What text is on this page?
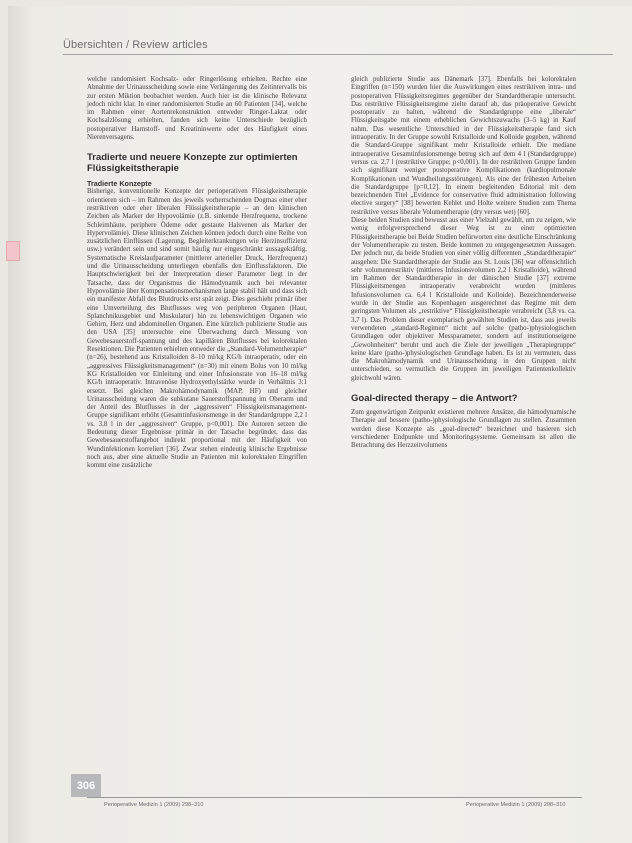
Übersichten / Review articles

welche randomisiert Kochsalz- oder Ringerlösung erhielten. Rechte eine Abnahme der Urinausscheidung sowie eine Verlängerung des Zeitintervalls bis zur ersten Miktion beobachtet werden. Auch hier ist die klinische Relevanz jedoch nicht klar. In einer randomisierten Studie an 60 Patienten [34], welche im Rahmen einer Aortenrekonstruktion entweder Ringer-Laktat oder Kochsalzlösung erhielten, fanden sich keine Unterschiede bezüglich postoperativer Harnstoff- und Kreatininwerte oder des Häufigkeit eines Nierenversagens.

Tradierte und neuere Konzepte zur optimierten Flüssigkeitstherapie
Tradierte Konzepte

Bisherige, konventionelle Konzepte der perioperativen Flüssigkeitstherapie orientieren sich – im Rahmen des jeweils vorherrschenden Dogmas einer eher restriktiven oder eher liberalen Flüssigkeitstherapie – an den klinischen Zeichen als Marker der Hypovolämie (z.B. sinkende Herzfrequenz, trockene Schleimhäute, periphere Ödeme oder gestaute Halsvenen als Marker der Hypervolämie). Diese klinischen Zeichen können jedoch durch eine Reihe von zusätzlichen Einflüssen (Lagerung, Begleiterkrankungen wie Herzinsuffizienz usw.) verändert sein und sind somit häufig nur eingeschränkt aussagekräftig. Systematische Kreislaufparameter (mittlerer arterieller Druck, Herzfrequenz) und die Urinausscheidung unterliegen ebenfalls den Einflussfaktoren. Die Hauptschwierigkeit bei der Interpretation dieser Parameter liegt in der Tatsache, dass der Organismus die Hämodynamik auch bei relevanter Hypovolämie über Kompensationsmechanismen lange stabil hält und dass sich ein manifester Abfall des Blutdrucks erst spät zeigt. Dies geschieht primär über eine Umverteilung des Blutflusses weg von peripheren Organen (Haut, Splanchnikusgebiet und Muskulatur) hin zu lebenswichtigen Organen wie Gehirn, Herz und abdominellen Organen. Eine kürzlich publizierte Studie aus den USA [35] untersuchte eine Überwachung durch Messung von Gewebesauerstoff-spannung und des kapillären Blutflusses bei kolorektalen Resektionen. Die Patienten erhielten entweder die „Standard-Volumentherapie“ (n=26), bestehend aus Kristalloiden 8–10 ml/kg KG/h intraoperativ, oder ein „aggressives Flüssigkeitsmanagement“ (n=30) mit einem Bolus von 10 ml/kg KG Kristalloiden vor Einleitung und einer Infusionsrate von 16–18 ml/kg KG/h intraoperativ. Intravenöse Hydroxyethylstärke wurde in Verhältnis 3:1 ersetzt. Bei gleichen Makrohämodynamik (MAP, HF) und gleicher Urinausscheidung waren die subkutane Sauerstoffspannung im Oberarm und der Anteil des Blutflusses in der „aggressiven“ Flüssigkeitsmanagement-Gruppe signifikant erhöht (Gesamtinfusionsmenge in der Standardgruppe 2,2 l vs. 3,8 l in der „aggressiven“ Gruppe, p<0,001). Die Autoren setzen die Bedeutung dieser Ergebnisse primär in der Tatsache begründet, dass das Gewebesauerstoffangebot indirekt proportional mit der Häufigkeit von Wundinfektionen korreliert [36]. Zwar stehen eindeutig klinische Ergebnisse noch aus, aber eine aktuelle Studie an Patienten mit kolorektalen Eingriffen kommt eine zusätzliche

gleich publizierte Studie aus Dänemark [37]. Ebenfalls bei kolorektalen Eingriffen (n=150) wurden hier die Auswirkungen eines restriktiven intra- und postoperativen Flüssigkeitsregimes gegenüber der Standardtherapie untersucht. Das restriktive Flüssigkeitsregime zielte darauf ab, das präoperative Gewicht postoperativ zu halten, während die Standardgruppe eine „liberale“ Flüssigkeitsgabe mit einem erheblichen Gewichtszuwachs (3–5 kg) in Kauf nahm. Das wesentliche Unterschied in der Flüssigkeitstherapie fand sich intraoperativ. In der Gruppe sowohl Kristalloide und Kolloide gegeben, während die Standard-Gruppe signifikant mehr Kristalloide erhielt. Die mediane intraoperative Gesamtinfusionsmenge betrug sich auf dem 4 l (Standardgruppe) versus ca. 2,7 l (restriktive Gruppe; p<0,001). In der restriktiven Gruppe fanden sich signifikant weniger postoperative Komplikationen (kardiopulmonale Komplikationen und Wundheilungsstörungen). Als eine der frühesten Arbeiten die Standardgruppe [p=0,12]. In einem begleitenden Editorial mit dem bezeichnenden Titel „Evidence for conservative fluid administration following elective surgery“ [38] bewerten Kehlet und Holte weitere Studien zum Thema restriktive versus liberale Volumentherapie (dry versus wet) [60].

Diese beiden Studien sind bewusst aus einer Vielzahl gewählt, um zu zeigen, wie wenig erfolgversprechend dieser Weg ist zu einer optimierten Flüssigkeitstherapie bei Beide Studien befürworten eine deutliche Einschränkung der Volumentherapie zu testen. Beide kommen zu entgegengesetzten Aussagen. Der jedoch nur, da beide Studien von einer völlig differenten „Standardtherapie“ ausgehen: Die Standardtherapie der Studie aus St. Louis [36] war offensichtlich sehr volumenrestriktiv (mittleres Infusionsvolumen 2,2 l Kristalloide), während im Rahmen der Standardtherapie in der dänischen Studie [37] extreme Flüssigkeitsmengen intraoperativ verabreicht wurden (mittleres Infusionsvolumen ca. 6,4 l Kristalloide und Kolloide). Bezeichnenderweise wurde in der Studie aus Kopenhagen ausgerechnet das Regime mit dem geringsten Volumen als „restriktive“ Flüssigkeitstherapie verabreicht (3,8 vs. ca. 3,7 l). Das Problem dieser exemplarisch gewählten Studien ist, dass aus jeweils verwendeten „standard-Regimen“ nicht auf solche (patho-)physiologischen Grundlagen oder objektiver Messparameter, sondern auf institutionseigene „Gewohnheiten“ beruht und auch die Ziele der jeweiligen „Therapiegruppe“ keine klare (patho-)physiologischen Grundlage haben. Es ist zu vermuten, dass die Makrohämodynamik und Urinausscheidung in den Gruppen nicht unterschieden, so vermutlich die Gruppen im jeweiligen Patientenkollektiv gleichwohl wären.

Goal-directed therapy – die Antwort?

Zum gegenwärtigen Zeitpunkt existieren mehrere Ansätze, die hämodynamische Therapie auf bessere (patho-)physiologische Grundlagen zu stellen. Zusammen werden diese Konzepte als „goal-directed“ bezeichnet und basieren sich verschiedener Endpunkte und Monitoringsysteme. Gemeinsam ist allen die Betrachtung des Herzzeitvolumens

306
Perioperative Medizin 1 (2009) 298–310	Perioperative Medizin 1 (2009) 298–310
